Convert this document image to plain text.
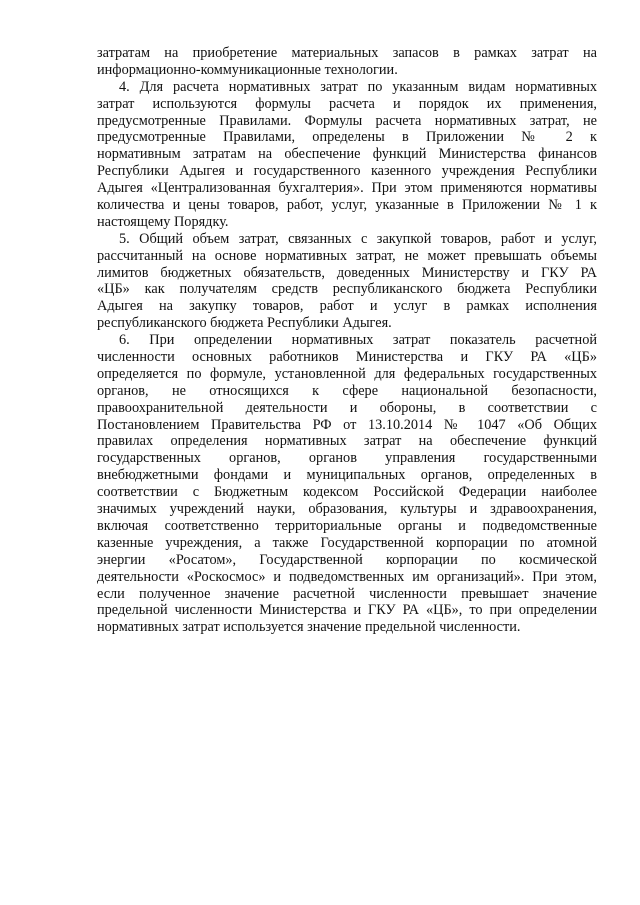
затратам на приобретение материальных запасов в рамках затрат на
информационно-коммуникационные технологии.
4. Для расчета нормативных затрат по указанным видам нормативных
затрат используются формулы расчета и порядок их применения,
предусмотренные Правилами. Формулы расчета нормативных затрат, не
предусмотренные Правилами, определены в Приложении № 2 к
нормативным затратам на обеспечение функций Министерства финансов
Республики Адыгея и государственного казенного учреждения Республики
Адыгея «Централизованная бухгалтерия». При этом применяются нормативы
количества и цены товаров, работ, услуг, указанные в Приложении № 1 к
настоящему Порядку.
5. Общий объем затрат, связанных с закупкой товаров, работ и услуг,
рассчитанный на основе нормативных затрат, не может превышать объемы
лимитов бюджетных обязательств, доведенных Министерству и ГКУ РА
«ЦБ» как получателям средств республиканского бюджета Республики
Адыгея на закупку товаров, работ и услуг в рамках исполнения
республиканского бюджета Республики Адыгея.
6. При определении нормативных затрат показатель расчетной
численности основных работников Министерства и ГКУ РА «ЦБ»
определяется по формуле, установленной для федеральных государственных
органов, не относящихся к сфере национальной безопасности,
правоохранительной деятельности и обороны, в соответствии с
Постановлением Правительства РФ от 13.10.2014 № 1047 «Об Общих
правилах определения нормативных затрат на обеспечение функций
государственных органов, органов управления государственными
внебюджетными фондами и муниципальных органов, определенных в
соответствии с Бюджетным кодексом Российской Федерации наиболее
значимых учреждений науки, образования, культуры и здравоохранения,
включая соответственно территориальные органы и подведомственные
казенные учреждения, а также Государственной корпорации по атомной
энергии «Росатом», Государственной корпорации по космической
деятельности «Роскосмос» и подведомственных им организаций». При этом,
если полученное значение расчетной численности превышает значение
предельной численности Министерства и ГКУ РА «ЦБ», то при определении
нормативных затрат используется значение предельной численности.
